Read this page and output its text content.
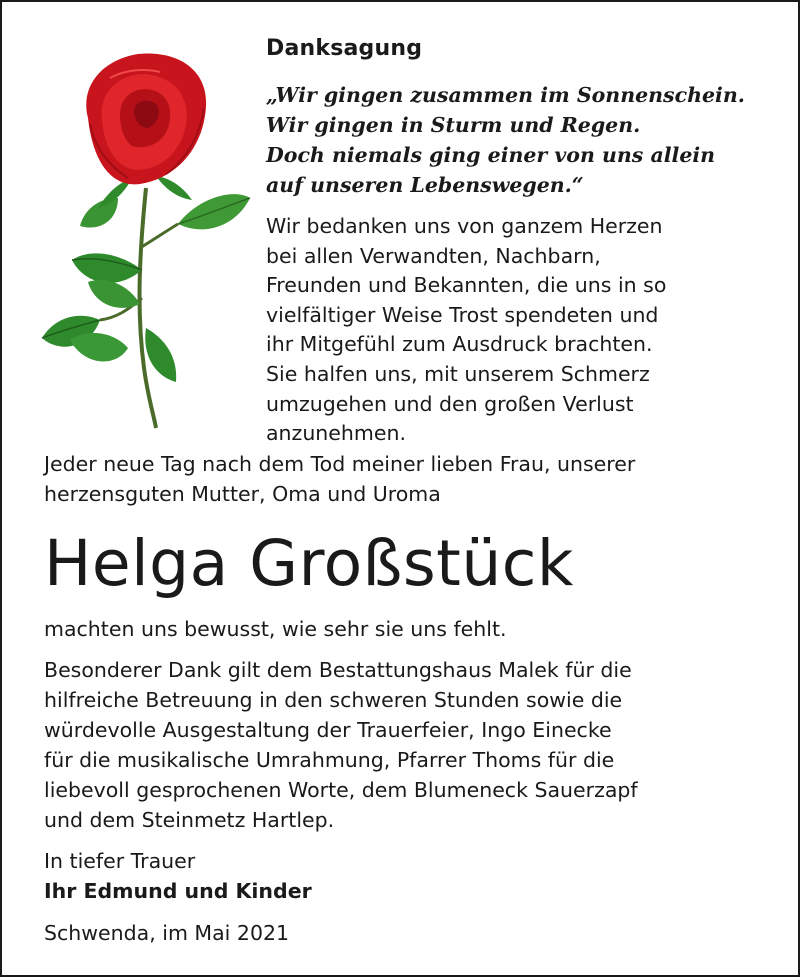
Danksagung
„Wir gingen zusammen im Sonnenschein.
Wir gingen in Sturm und Regen.
Doch niemals ging einer von uns allein
auf unseren Lebenswegen.“
Wir bedanken uns von ganzem Herzen
bei allen Verwandten, Nachbarn,
Freunden und Bekannten, die uns in so
vielfältiger Weise Trost spendeten und
ihr Mitgefühl zum Ausdruck brachten.
Sie halfen uns, mit unserem Schmerz
umzugehen und den großen Verlust
anzunehmen.
Jeder neue Tag nach dem Tod meiner lieben Frau, unserer
herzensguten Mutter, Oma und Uroma
Helga Großstück
machten uns bewusst, wie sehr sie uns fehlt.
Besonderer Dank gilt dem Bestattungshaus Malek für die
hilfreiche Betreuung in den schweren Stunden sowie die
würdevolle Ausgestaltung der Trauerfeier, Ingo Einecke
für die musikalische Umrahmung, Pfarrer Thoms für die
liebevoll gesprochenen Worte, dem Blumeneck Sauerzapf
und dem Steinmetz Hartlep.
In tiefer Trauer
Ihr Edmund und Kinder
Schwenda, im Mai 2021
